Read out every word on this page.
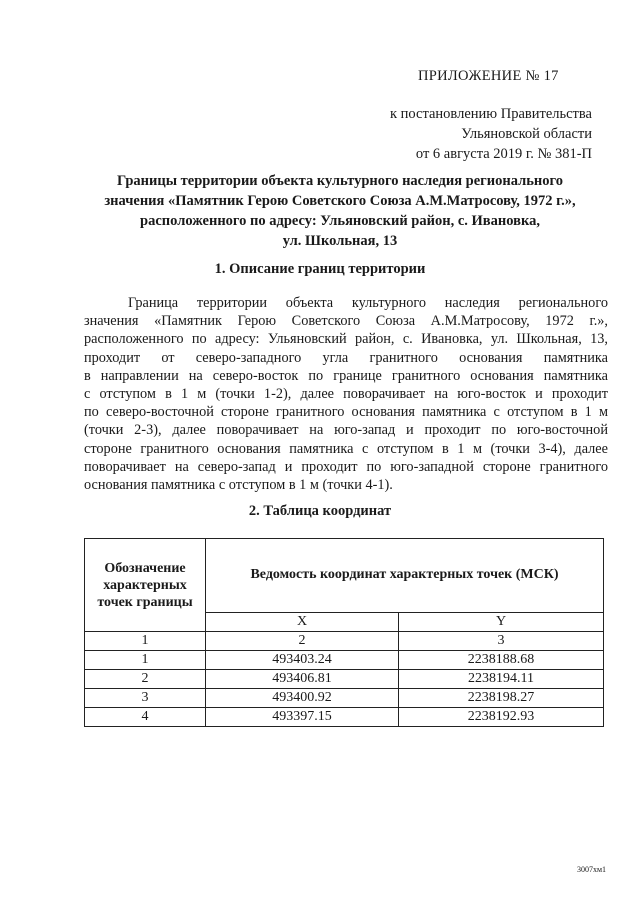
ПРИЛОЖЕНИЕ № 17
к постановлению Правительства
Ульяновской области
от 6 августа 2019 г. № 381-П
Границы территории объекта культурного наследия регионального
значения «Памятник Герою Советского Союза А.М.Матросову, 1972 г.»,
расположенного по адресу: Ульяновский район, с. Ивановка,
ул. Школьная, 13
1. Описание границ территории
Граница территории объекта культурного наследия регионального
значения «Памятник Герою Советского Союза А.М.Матросову, 1972 г.»,
расположенного по адресу: Ульяновский район, с. Ивановка, ул. Школьная, 13,
проходит от северо-западного угла гранитного основания памятника
в направлении на северо-восток по границе гранитного основания памятника
с отступом в 1 м (точки 1-2), далее поворачивает на юго-восток и проходит
по северо-восточной стороне гранитного основания памятника с отступом в 1 м
(точки 2-3), далее поворачивает на юго-запад и проходит по юго-восточной
стороне гранитного основания памятника с отступом в 1 м (точки 3-4), далее
поворачивает на северо-запад и проходит по юго-западной стороне гранитного
основания памятника с отступом в 1 м (точки 4-1).
2. Таблица координат
Обозначение
характерных
точек границы	Ведомость координат характерных точек (МСК)	
	X	Y
1	2	3
1	493403.24	2238188.68
2	493406.81	2238194.11
3	493400.92	2238198.27
4	493397.15	2238192.93
3007хм1
